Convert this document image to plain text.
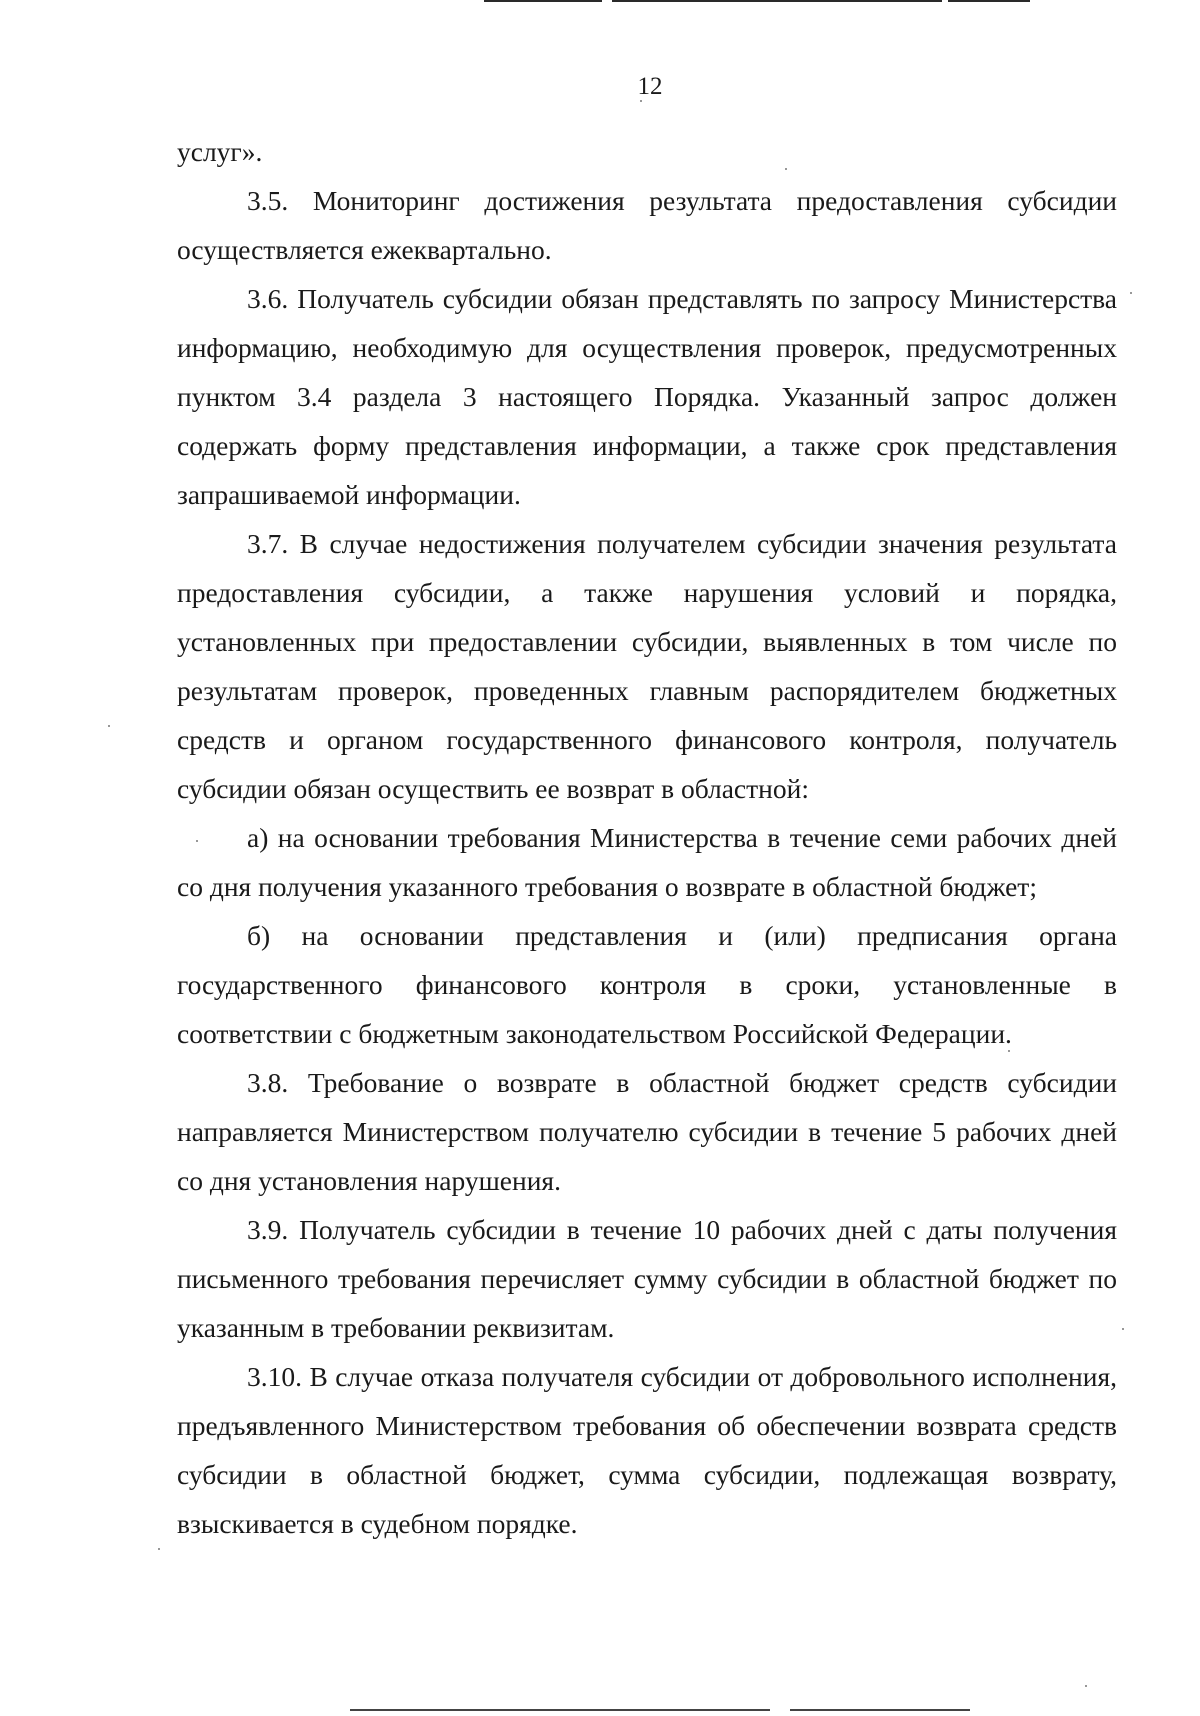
12

услуг».

3.5. Мониторинг достижения результата предоставления субсидии осуществляется ежеквартально.

3.6. Получатель субсидии обязан представлять по запросу Министерства информацию, необходимую для осуществления проверок, предусмотренных пунктом 3.4 раздела 3 настоящего Порядка. Указанный запрос должен содержать форму представления информации, а также срок представления запрашиваемой информации.

3.7. В случае недостижения получателем субсидии значения результата предоставления субсидии, а также нарушения условий и порядка, установленных при предоставлении субсидии, выявленных в том числе по результатам проверок, проведенных главным распорядителем бюджетных средств и органом государственного финансового контроля, получатель субсидии обязан осуществить ее возврат в областной:

а) на основании требования Министерства в течение семи рабочих дней со дня получения указанного требования о возврате в областной бюджет;

б) на основании представления и (или) предписания органа государственного финансового контроля в сроки, установленные в соответствии с бюджетным законодательством Российской Федерации.

3.8. Требование о возврате в областной бюджет средств субсидии направляется Министерством получателю субсидии в течение 5 рабочих дней со дня установления нарушения.

3.9. Получатель субсидии в течение 10 рабочих дней с даты получения письменного требования перечисляет сумму субсидии в областной бюджет по указанным в требовании реквизитам.

3.10. В случае отказа получателя субсидии от добровольного исполнения, предъявленного Министерством требования об обеспечении возврата средств субсидии в областной бюджет, сумма субсидии, подлежащая возврату, взыскивается в судебном порядке.
